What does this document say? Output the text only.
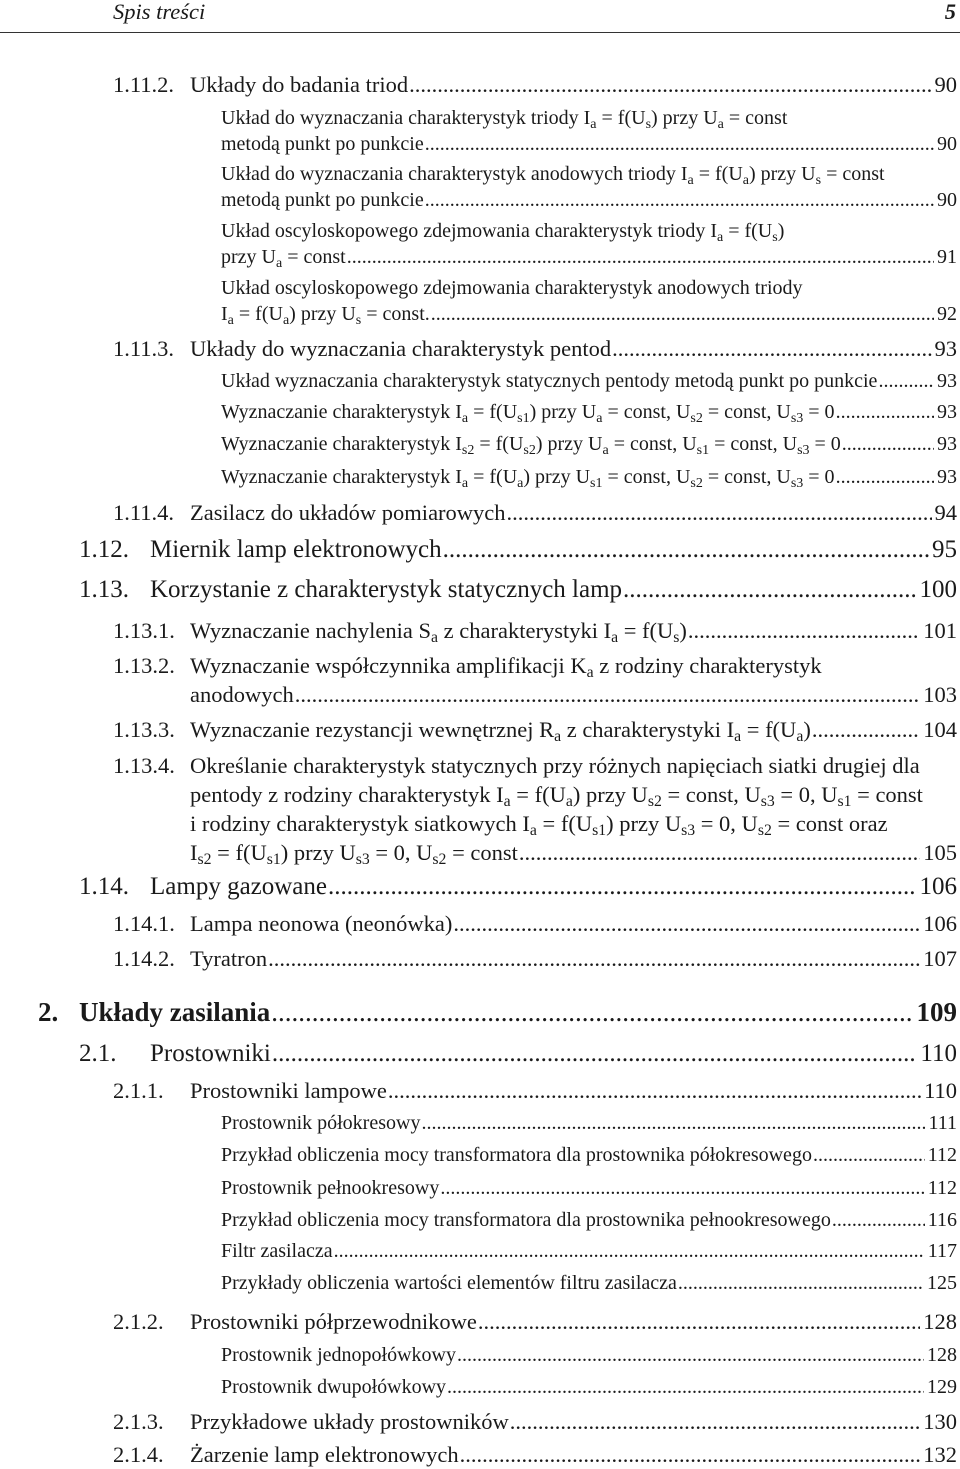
Spis treści	5
1.11.2. Układy do badania triod .....	90
Układ do wyznaczania charakterystyk triody Ia = f(Us) przy Ua = const
metodą punkt po punkcie .....	90
Układ do wyznaczania charakterystyk anodowych triody Ia = f(Ua) przy Us = const
metodą punkt po punkcie .....	90
Układ oscyloskopowego zdejmowania charakterystyk triody Ia = f(Us)
przy Ua = const .....	91
Układ oscyloskopowego zdejmowania charakterystyk anodowych triody
Ia = f(Ua) przy Us = const. .....	92
1.11.3. Układy do wyznaczania charakterystyk pentod .....	93
Układ wyznaczania charakterystyk statycznych pentody metodą punkt po punkcie .....	93
Wyznaczanie charakterystyk Ia = f(Us1) przy Ua = const, Us2 = const, Us3 = 0 .....	93
Wyznaczanie charakterystyk Is2 = f(Us2) przy Ua = const, Us1 = const, Us3 = 0 .....	93
Wyznaczanie charakterystyk Ia = f(Ua) przy Us1 = const, Us2 = const, Us3 = 0 .....	93
1.11.4. Zasilacz do układów pomiarowych .....	94
1.12. Miernik lamp elektronowych .....	95
1.13. Korzystanie z charakterystyk statycznych lamp .....	100
1.13.1. Wyznaczanie nachylenia Sa z charakterystyki Ia = f(Us) .....	101
1.13.2. Wyznaczanie współczynnika amplifikacji Ka z rodziny charakterystyk
anodowych .....	103
1.13.3. Wyznaczanie rezystancji wewnętrznej Ra z charakterystyki Ia = f(Ua) .....	104
1.13.4. Określanie charakterystyk statycznych przy różnych napięciach siatki drugiej dla
pentody z rodziny charakterystyk Ia = f(Ua) przy Us2 = const, Us3 = 0, Us1 = const
i rodziny charakterystyk siatkowych Ia = f(Us1) przy Us3 = 0, Us2 = const oraz
Is2 = f(Us1) przy Us3 = 0, Us2 = const .....	105
1.14. Lampy gazowane .....	106
1.14.1. Lampa neonowa (neonówka) .....	106
1.14.2. Tyratron .....	107
2. Układy zasilania .....	109
2.1.	Prostowniki .....	110
2.1.1.	Prostowniki lampowe .....	110
Prostownik półokresowy .....	111
Przykład obliczenia mocy transformatora dla prostownika półokresowego .....	112
Prostownik pełnookresowy .....	112
Przykład obliczenia mocy transformatora dla prostownika pełnookresowego .....	116
Filtr zasilacza .....	117
Przykłady obliczenia wartości elementów filtru zasilacza .....	125
2.1.2.	Prostowniki półprzewodnikowe .....	128
Prostownik jednopołówkowy .....	128
Prostownik dwupołówkowy .....	129
2.1.3.	Przykładowe układy prostowników .....	130
2.1.4.	Żarzenie lamp elektronowych .....	132
